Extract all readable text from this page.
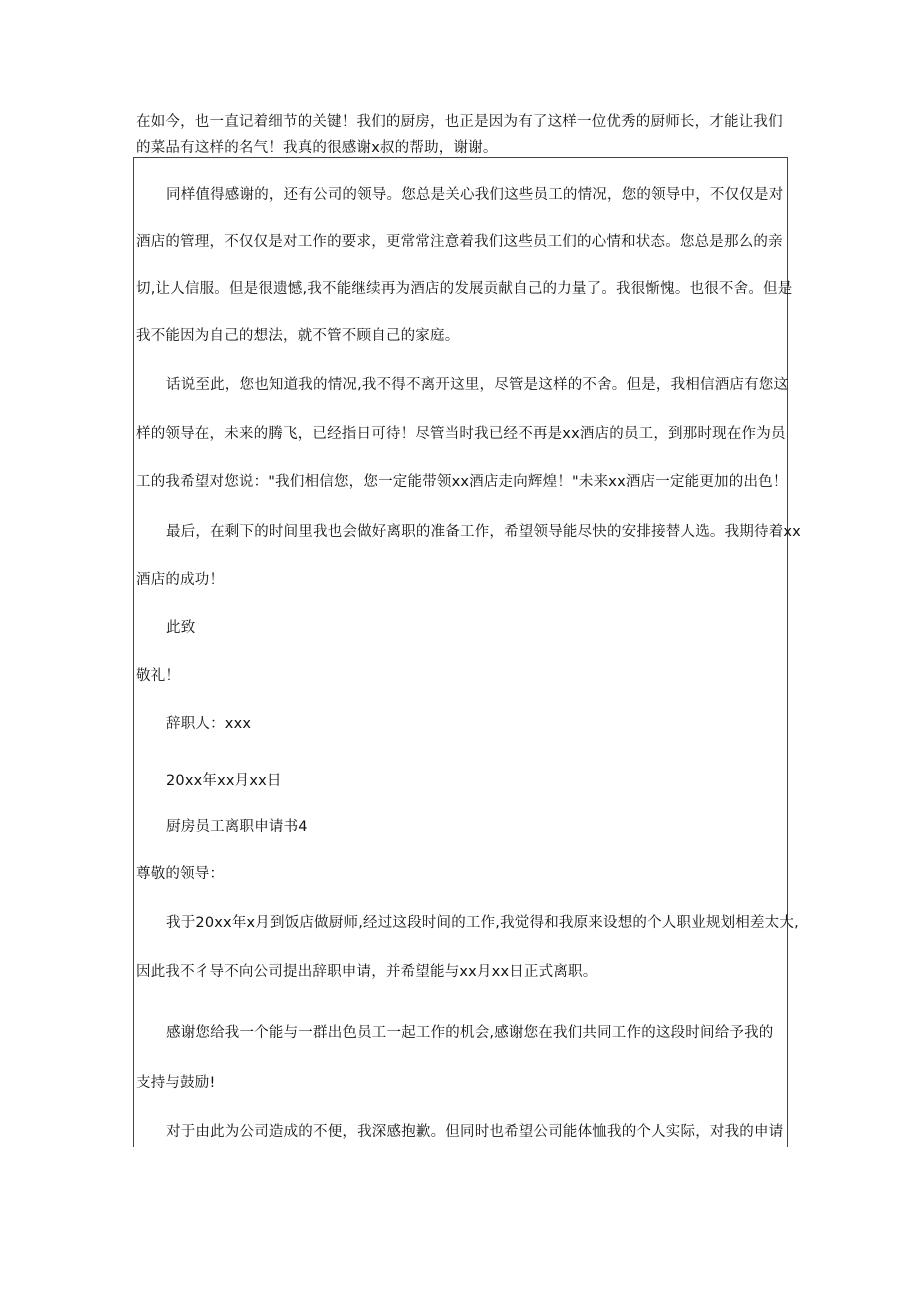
在如今，也一直记着细节的关键！我们的厨房，也正是因为有了这样一位优秀的厨师长，才能让我们
的菜品有这样的名气！我真的很感谢x叔的帮助，谢谢。
同样值得感谢的，还有公司的领导。您总是关心我们这些员工的情况，您的领导中，不仅仅是对
酒店的管理，不仅仅是对工作的要求，更常常注意着我们这些员工们的心情和状态。您总是那么的亲
切,让人信服。但是很遗憾,我不能继续再为酒店的发展贡献自己的力量了。我很惭愧。也很不舍。但是
我不能因为自己的想法，就不管不顾自己的家庭。
话说至此，您也知道我的情况,我不得不离开这里，尽管是这样的不舍。但是，我相信酒店有您这
样的领导在，未来的腾飞，已经指日可待！尽管当时我已经不再是xx酒店的员工，到那时现在作为员
工的我希望对您说："我们相信您，您一定能带领xx酒店走向辉煌！"未来xx酒店一定能更加的出色！
最后，在剩下的时间里我也会做好离职的准备工作，希望领导能尽快的安排接替人选。我期待着xx
酒店的成功！
此致
敬礼！
辞职人：xxx
20xx年xx月xx日
厨房员工离职申请书4
尊敬的领导：
我于20xx年x月到饭店做厨师,经过这段时间的工作,我觉得和我原来设想的个人职业规划相差太大,
因此我不彳导不向公司提出辞职申请，并希望能与xx月xx日正式离职。
感谢您给我一个能与一群出色员工一起工作的机会,感谢您在我们共同工作的这段时间给予我的
支持与鼓励!
对于由此为公司造成的不便，我深感抱歉。但同时也希望公司能体恤我的个人实际，对我的申请
